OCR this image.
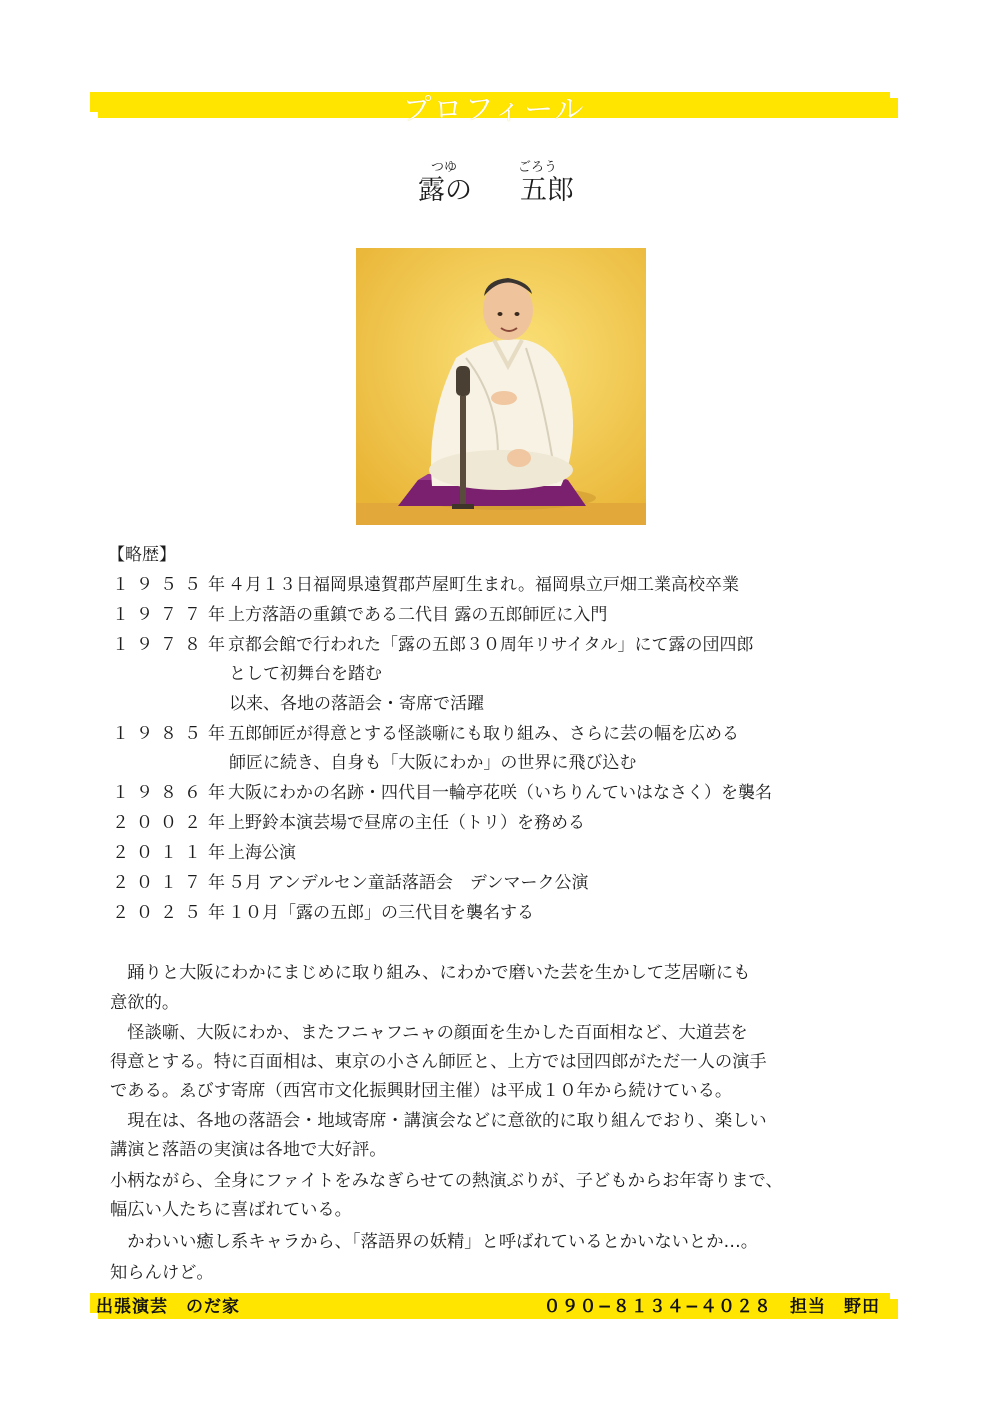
プロフィール
つゆ	ごろう
露の 五郎
【略歴】
１９５５年４月１３日福岡県遠賀郡芦屋町生まれ。福岡県立戸畑工業高校卒業
１９７７年上方落語の重鎮である二代目 露の五郎師匠に入門
１９７８年京都会館で行われた「露の五郎３０周年リサイタル」にて露の団四郎
として初舞台を踏む
以来、各地の落語会・寄席で活躍
１９８５年五郎師匠が得意とする怪談噺にも取り組み、さらに芸の幅を広める
師匠に続き、自身も「大阪にわか」の世界に飛び込む
１９８６年大阪にわかの名跡・四代目一輪亭花咲（いちりんていはなさく）を襲名
２００２年上野鈴本演芸場で昼席の主任（トリ）を務める
２０１１年上海公演
２０１７年５月 アンデルセン童話落語会　デンマーク公演
２０２５年１０月「露の五郎」の三代目を襲名する
　踊りと大阪にわかにまじめに取り組み、にわかで磨いた芸を生かして芝居噺にも
意欲的。
　怪談噺、大阪にわか、またフニャフニャの顔面を生かした百面相など、大道芸を
得意とする。特に百面相は、東京の小さん師匠と、上方では団四郎がただ一人の演手
である。ゑびす寄席（西宮市文化振興財団主催）は平成１０年から続けている。
　現在は、各地の落語会・地域寄席・講演会などに意欲的に取り組んでおり、楽しい
講演と落語の実演は各地で大好評。
小柄ながら、全身にファイトをみなぎらせての熱演ぶりが、子どもからお年寄りまで、
幅広い人たちに喜ばれている。
　かわいい癒し系キャラから、「落語界の妖精」と呼ばれているとかいないとか…。
知らんけど。
出張演芸　のだ家	０９０−８１３４−４０２８　担当　野田
